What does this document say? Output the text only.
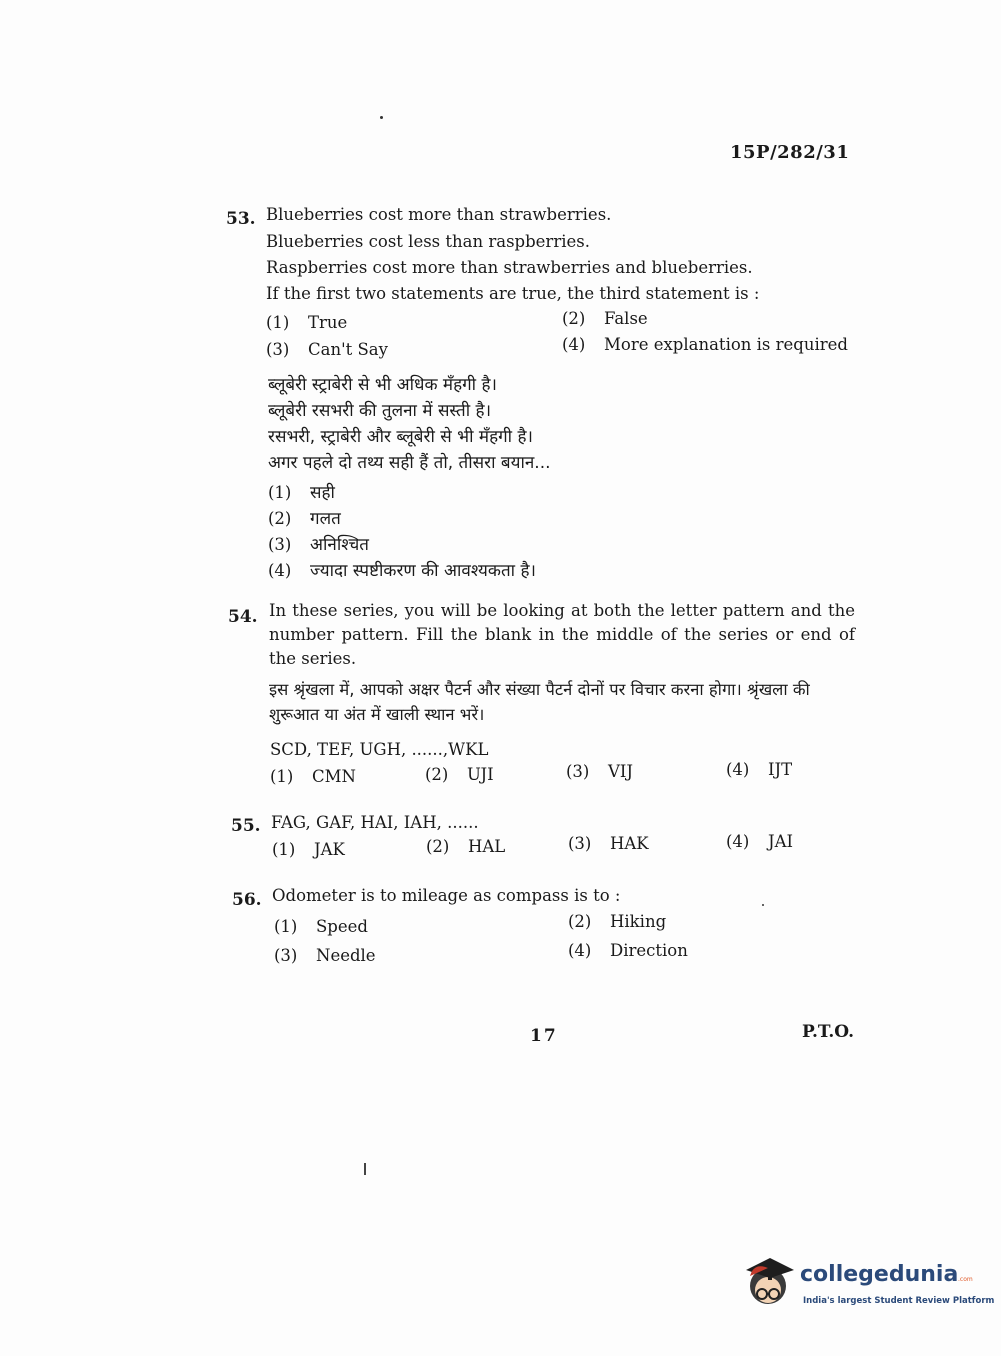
15P/282/31
53. Blueberries cost more than strawberries.
Blueberries cost less than raspberries.
Raspberries cost more than strawberries and blueberries.
If the first two statements are true, the third statement is :
(1) True	(2) False
(3) Can't Say	(4) More explanation is required
ब्लूबेरी स्ट्राबेरी से भी अधिक मँहगी है।
ब्लूबेरी रसभरी की तुलना में सस्ती है।
रसभरी, स्ट्राबेरी और ब्लूबेरी से भी मँहगी है।
अगर पहले दो तथ्य सही हैं तो, तीसरा बयान...
(1) सही
(2) गलत
(3) अनिश्चित
(4) ज्यादा स्पष्टीकरण की आवश्यकता है।
54. In these series, you will be looking at both the letter pattern and the number pattern. Fill the blank in the middle of the series or end of the series.
इस श्रृंखला में, आपको अक्षर पैटर्न और संख्या पैटर्न दोनों पर विचार करना होगा। श्रृंखला की शुरूआत या अंत में खाली स्थान भरें।
SCD, TEF, UGH, ......,WKL
(1) CMN	(2) UJI	(3) VIJ	(4) IJT
55. FAG, GAF, HAI, IAH, ......
(1) JAK	(2) HAL	(3) HAK	(4) JAI
56. Odometer is to mileage as compass is to :
(1) Speed	(2) Hiking
(3) Needle	(4) Direction
17	P.T.O.
collegedunia .com
India's largest Student Review Platform
